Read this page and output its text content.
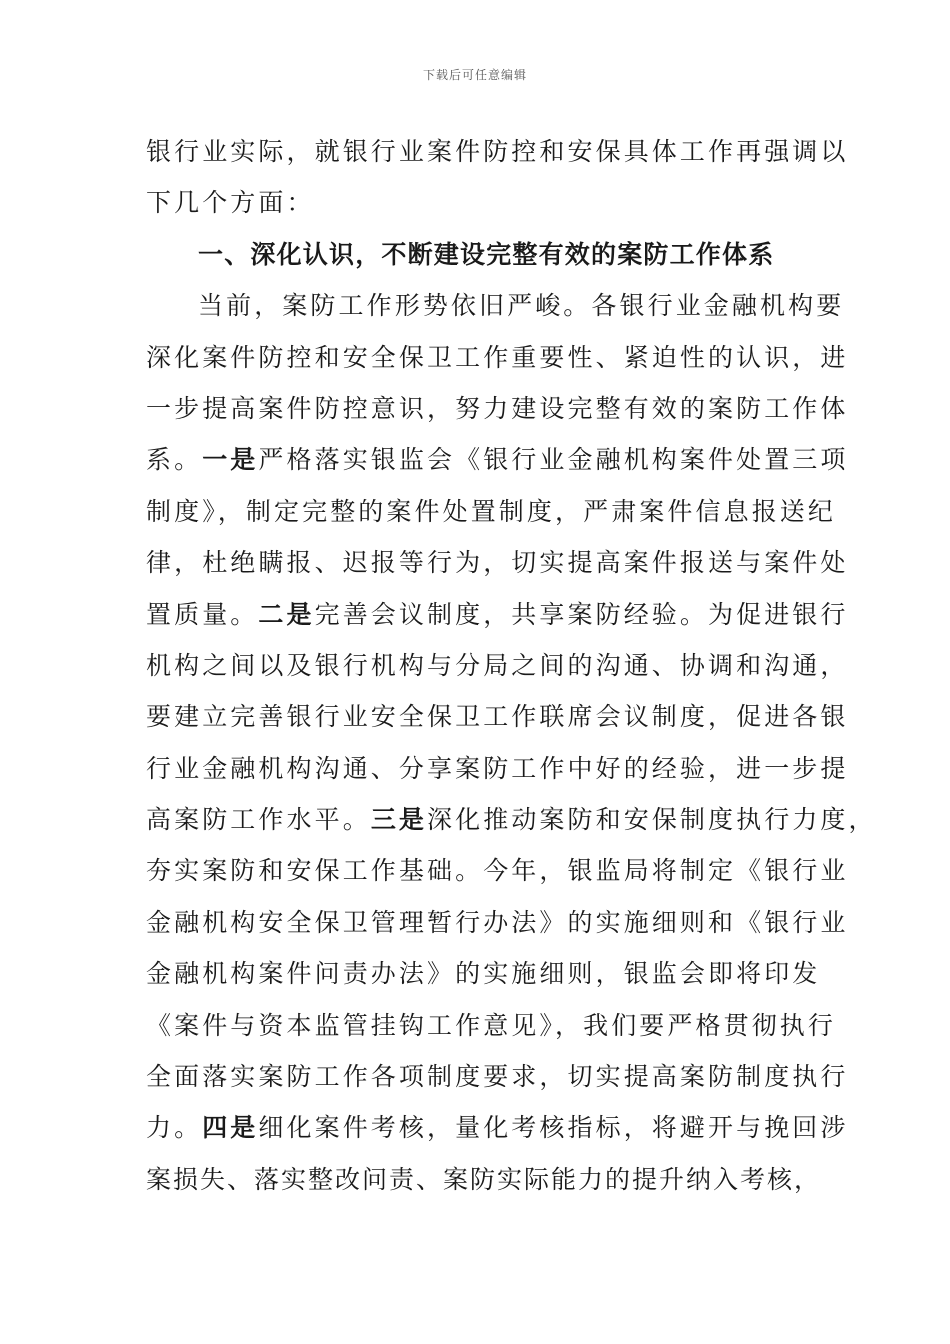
下载后可任意编辑
银行业实际，就银行业案件防控和安保具体工作再强调以
下几个方面：
一、深化认识，不断建设完整有效的案防工作体系
当前，案防工作形势依旧严峻。各银行业金融机构要
深化案件防控和安全保卫工作重要性、紧迫性的认识，进
一步提高案件防控意识，努力建设完整有效的案防工作体
系。一是严格落实银监会《银行业金融机构案件处置三项
制度》，制定完整的案件处置制度，严肃案件信息报送纪
律，杜绝瞒报、迟报等行为，切实提高案件报送与案件处
置质量。二是完善会议制度，共享案防经验。为促进银行
机构之间以及银行机构与分局之间的沟通、协调和沟通，
要建立完善银行业安全保卫工作联席会议制度，促进各银
行业金融机构沟通、分享案防工作中好的经验，进一步提
高案防工作水平。三是深化推动案防和安保制度执行力度，
夯实案防和安保工作基础。今年，银监局将制定《银行业
金融机构安全保卫管理暂行办法》的实施细则和《银行业
金融机构案件问责办法》的实施细则，银监会即将印发
《案件与资本监管挂钩工作意见》，我们要严格贯彻执行
全面落实案防工作各项制度要求，切实提高案防制度执行
力。四是细化案件考核，量化考核指标，将避开与挽回涉
案损失、落实整改问责、案防实际能力的提升纳入考核，
